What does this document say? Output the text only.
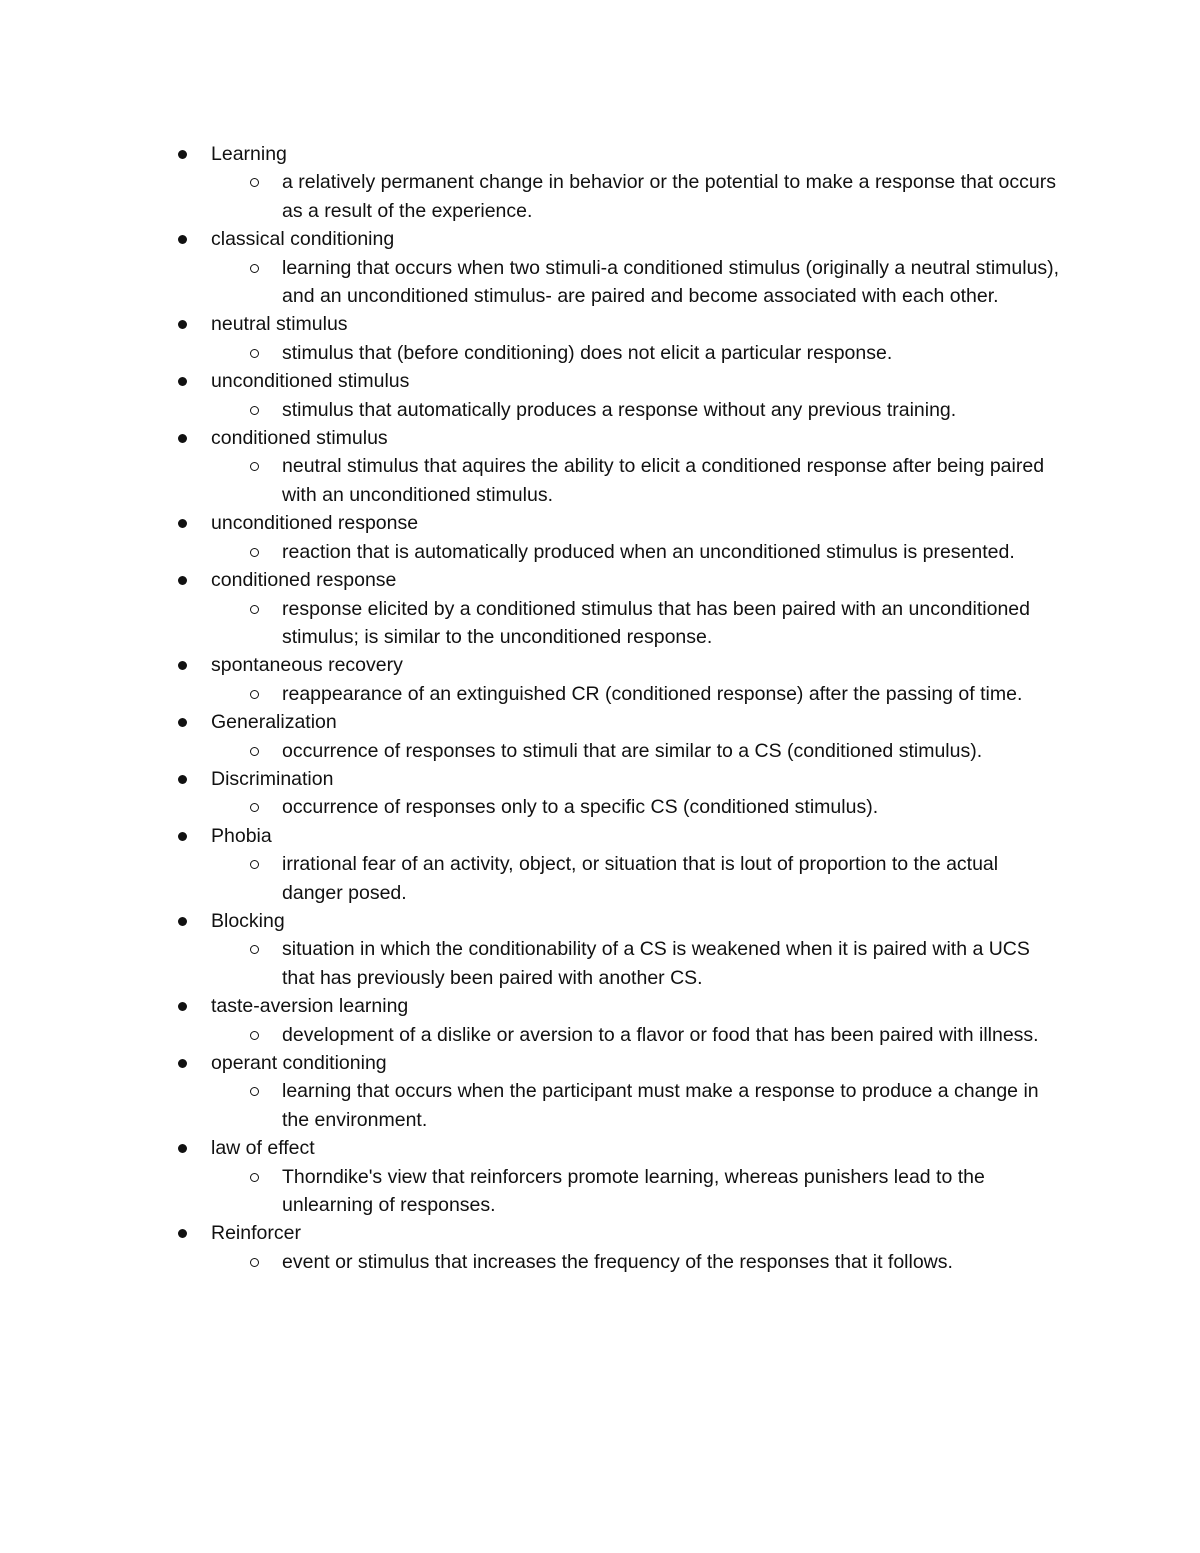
Learning
a relatively permanent change in behavior or the potential to make a response that occurs as a result of the experience.
classical conditioning
learning that occurs when two stimuli-a conditioned stimulus (originally a neutral stimulus), and an unconditioned stimulus- are paired and become associated with each other.
neutral stimulus
stimulus that (before conditioning) does not elicit a particular response.
unconditioned stimulus
stimulus that automatically produces a response without any previous training.
conditioned stimulus
neutral stimulus that aquires the ability to elicit a conditioned response after being paired with an unconditioned stimulus.
unconditioned response
reaction that is automatically produced when an unconditioned stimulus is presented.
conditioned response
response elicited by a conditioned stimulus that has been paired with an unconditioned stimulus; is similar to the unconditioned response.
spontaneous recovery
reappearance of an extinguished CR (conditioned response) after the passing of time.
Generalization
occurrence of responses to stimuli that are similar to a CS (conditioned stimulus).
Discrimination
occurrence of responses only to a specific CS (conditioned stimulus).
Phobia
irrational fear of an activity, object, or situation that is lout of proportion to the actual danger posed.
Blocking
situation in which the conditionability of a CS is weakened when it is paired with a UCS that has previously been paired with another CS.
taste-aversion learning
development of a dislike or aversion to a flavor or food that has been paired with illness.
operant conditioning
learning that occurs when the participant must make a response to produce a change in the environment.
law of effect
Thorndike's view that reinforcers promote learning, whereas punishers lead to the unlearning of responses.
Reinforcer
event or stimulus that increases the frequency of the responses that it follows.
